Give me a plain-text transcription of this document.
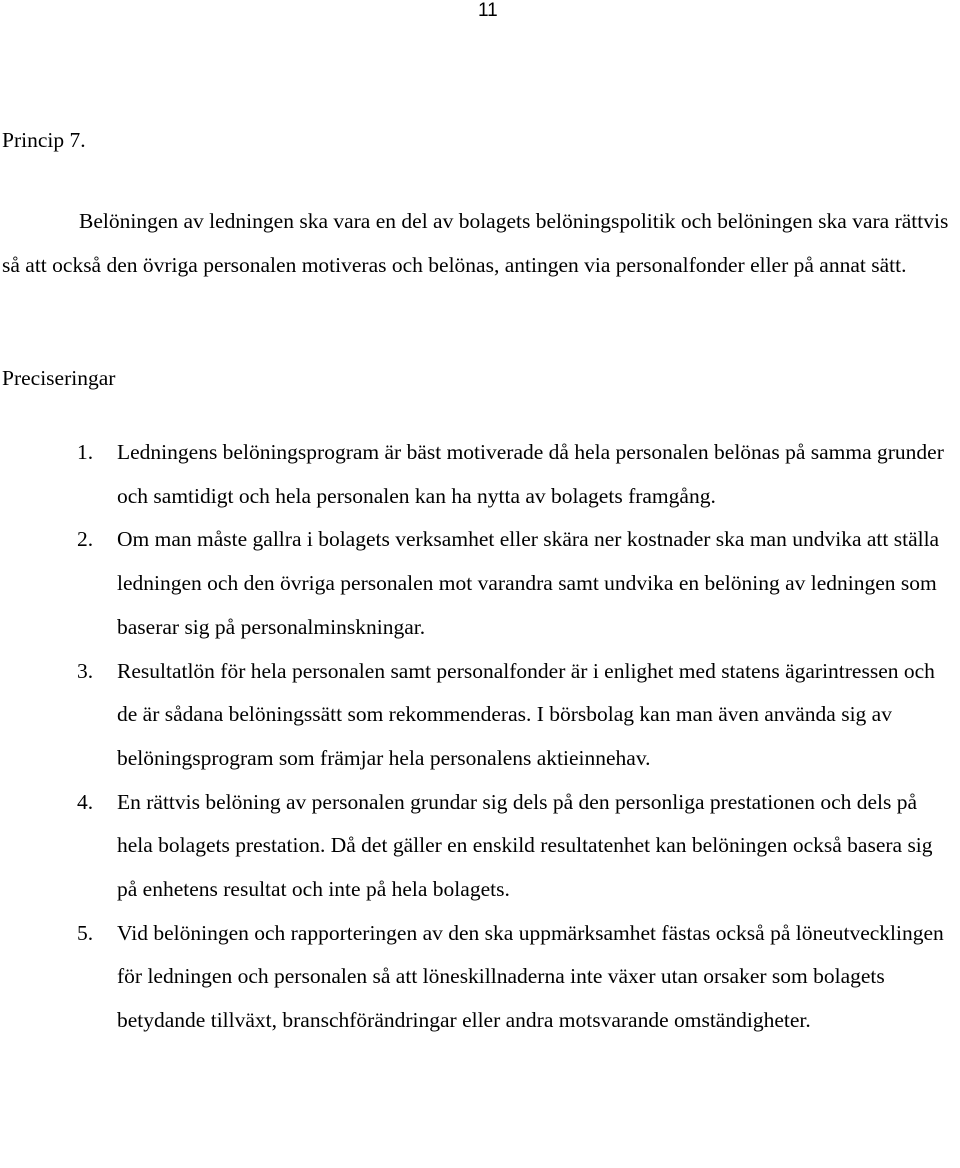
11
Princip 7.

Belöningen av ledningen ska vara en del av bolagets belöningspolitik och belöningen ska vara rättvis så att också den övriga personalen motiveras och belönas, antingen via personalfonder eller på annat sätt.

Preciseringar
1. Ledningens belöningsprogram är bäst motiverade då hela personalen belönas på samma grunder och samtidigt och hela personalen kan ha nytta av bolagets framgång.
2. Om man måste gallra i bolagets verksamhet eller skära ner kostnader ska man undvika att ställa ledningen och den övriga personalen mot varandra samt undvika en belöning av ledningen som baserar sig på personalminskningar.
3. Resultatlön för hela personalen samt personalfonder är i enlighet med statens ägarintressen och de är sådana belöningssätt som rekommenderas. I börsbolag kan man även använda sig av belöningsprogram som främjar hela personalens aktieinnehav.
4. En rättvis belöning av personalen grundar sig dels på den personliga prestationen och dels på hela bolagets prestation. Då det gäller en enskild resultatenhet kan belöningen också basera sig på enhetens resultat och inte på hela bolagets.
5. Vid belöningen och rapporteringen av den ska uppmärksamhet fästas också på löneutvecklingen för ledningen och personalen så att löneskillnaderna inte växer utan orsaker som bolagets betydande tillväxt, branschförändringar eller andra motsvarande omständigheter.
